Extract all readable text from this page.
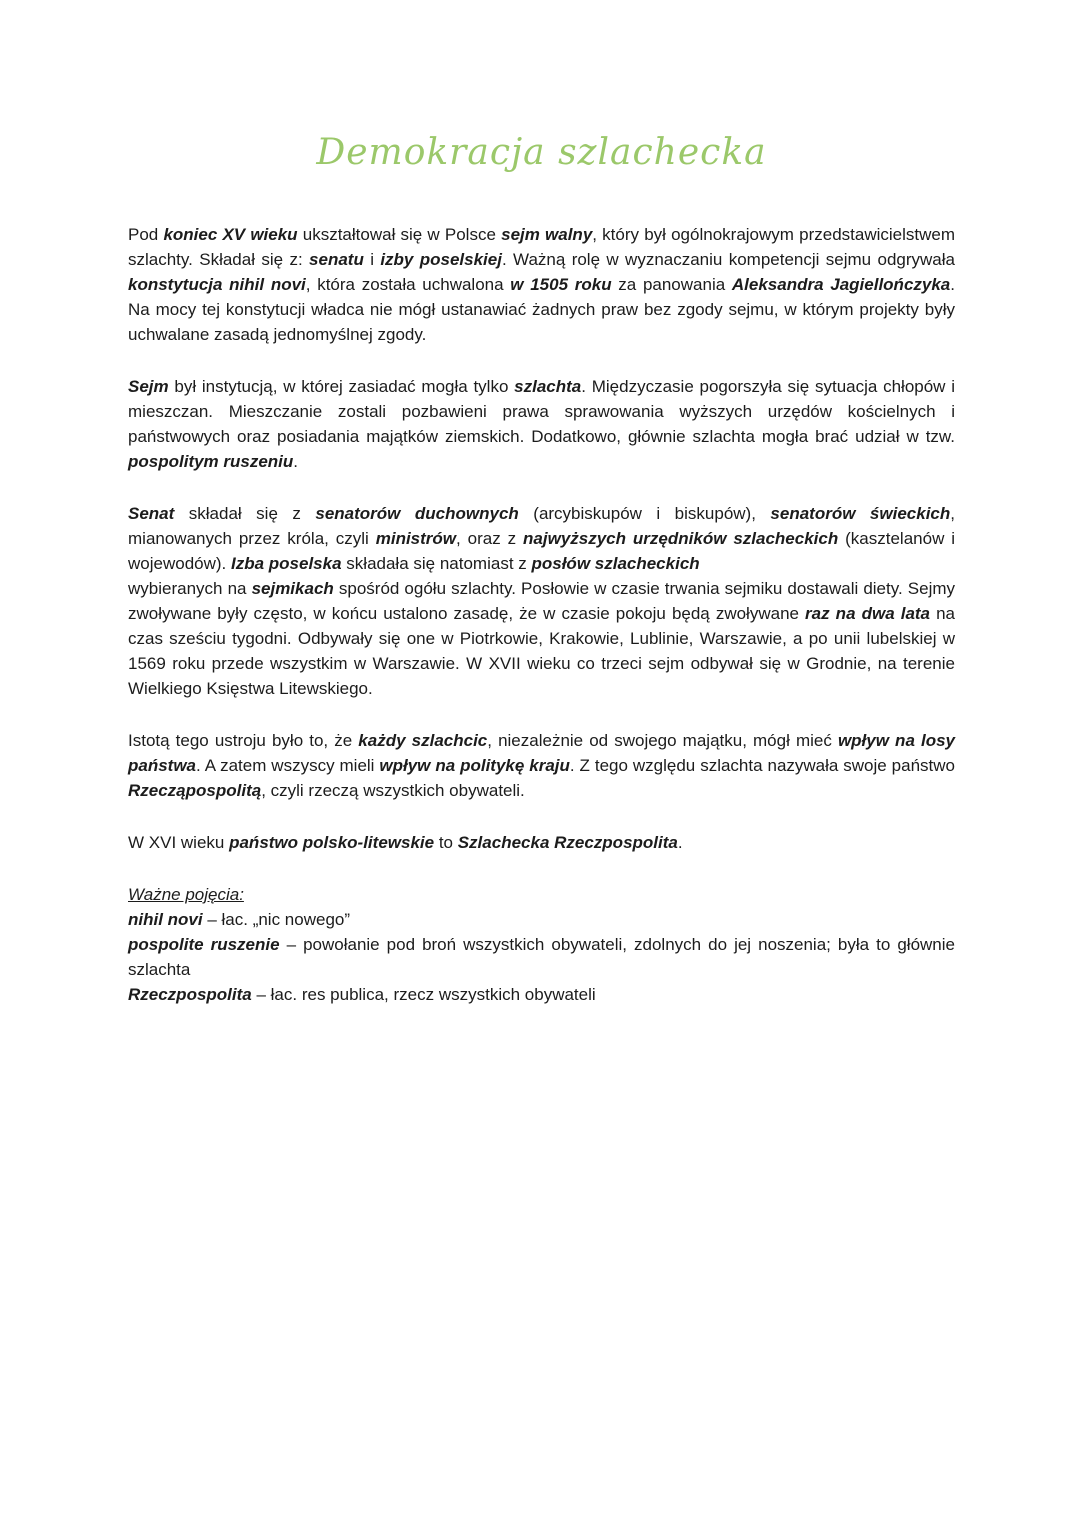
Demokracja szlachecka

Pod koniec XV wieku ukształtował się w Polsce sejm walny, który był ogólnokrajowym przedstawicielstwem szlachty. Składał się z: senatu i izby poselskiej. Ważną rolę w wyznaczaniu kompetencji sejmu odgrywała konstytucja nihil novi, która została uchwalona w 1505 roku za panowania Aleksandra Jagiellończyka. Na mocy tej konstytucji władca nie mógł ustanawiać żadnych praw bez zgody sejmu, w którym projekty były uchwalane zasadą jednomyślnej zgody.

Sejm był instytucją, w której zasiadać mogła tylko szlachta. Międzyczasie pogorszyła się sytuacja chłopów i mieszczan. Mieszczanie zostali pozbawieni prawa sprawowania wyższych urzędów kościelnych i państwowych oraz posiadania majątków ziemskich. Dodatkowo, głównie szlachta mogła brać udział w tzw. pospolitym ruszeniu.

Senat składał się z senatorów duchownych (arcybiskupów i biskupów), senatorów świeckich, mianowanych przez króla, czyli ministrów, oraz z najwyższych urzędników szlacheckich (kasztelanów i wojewodów). Izba poselska składała się natomiast z posłów szlacheckich
wybieranych na sejmikach spośród ogółu szlachty. Posłowie w czasie trwania sejmiku dostawali diety. Sejmy zwoływane były często, w końcu ustalono zasadę, że w czasie pokoju będą zwoływane raz na dwa lata na czas sześciu tygodni. Odbywały się one w Piotrkowie, Krakowie, Lublinie, Warszawie, a po unii lubelskiej w 1569 roku przede wszystkim w Warszawie. W XVII wieku co trzeci sejm odbywał się w Grodnie, na terenie Wielkiego Księstwa Litewskiego.

Istotą tego ustroju było to, że każdy szlachcic, niezależnie od swojego majątku, mógł mieć wpływ na losy państwa. A zatem wszyscy mieli wpływ na politykę kraju. Z tego względu szlachta nazywała swoje państwo Rzecząpospolitą, czyli rzeczą wszystkich obywateli.

W XVI wieku państwo polsko-litewskie to Szlachecka Rzeczpospolita.

Ważne pojęcia:

nihil novi – łac. „nic nowego”

pospolite ruszenie – powołanie pod broń wszystkich obywateli, zdolnych do jej noszenia; była to głównie szlachta

Rzeczpospolita – łac. res publica, rzecz wszystkich obywateli
